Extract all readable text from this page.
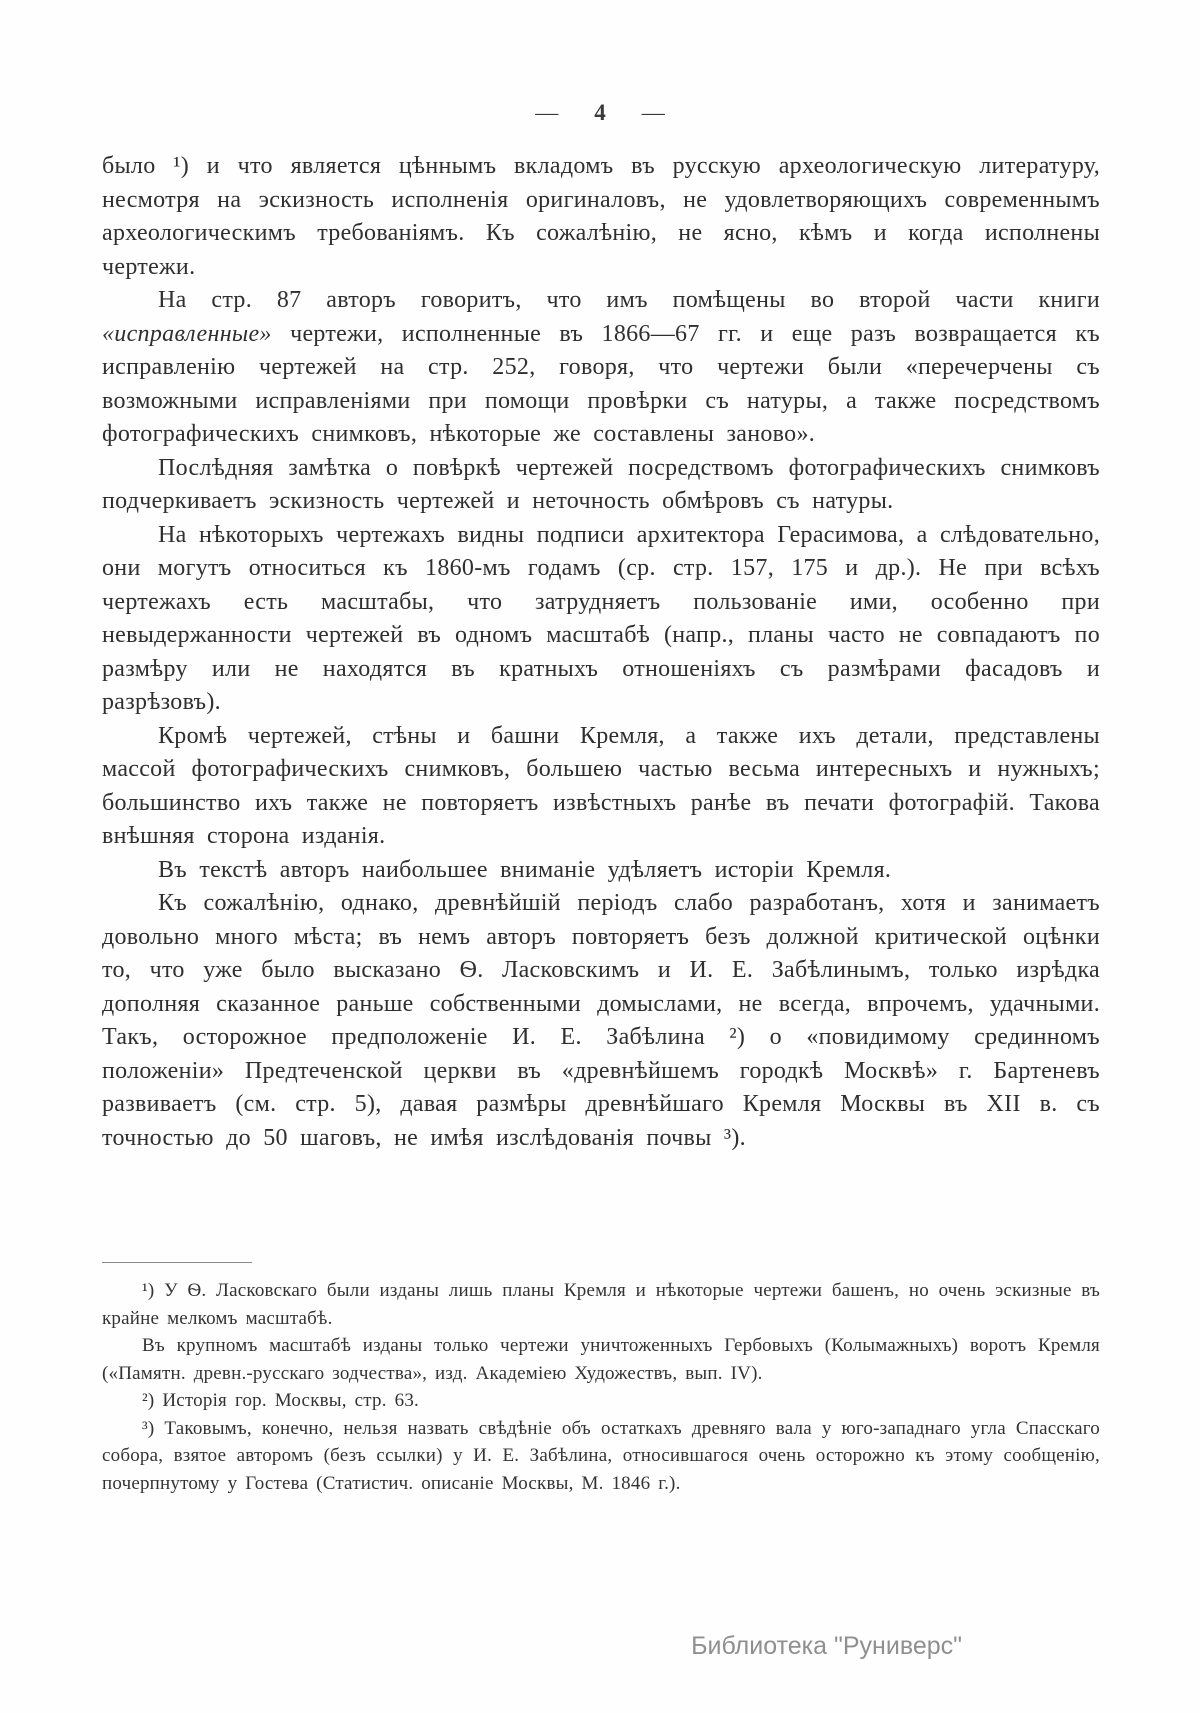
— 4 —

было ¹) и что является цѣннымъ вкладомъ въ русскую археологическую литературу, несмотря на эскизность исполненія оригиналовъ, не удовлетворяющихъ современнымъ археологическимъ требованіямъ. Къ сожалѣнію, не ясно, кѣмъ и когда исполнены чертежи.

На стр. 87 авторъ говоритъ, что имъ помѣщены во второй части книги «исправленные» чертежи, исполненные въ 1866—67 гг. и еще разъ возвращается къ исправленію чертежей на стр. 252, говоря, что чертежи были «перечерчены съ возможными исправленіями при помощи провѣрки съ натуры, а также посредствомъ фотографическихъ снимковъ, нѣкоторые же составлены заново».

Послѣдняя замѣтка о повѣркѣ чертежей посредствомъ фотографическихъ снимковъ подчеркиваетъ эскизность чертежей и неточность обмѣровъ съ натуры.

На нѣкоторыхъ чертежахъ видны подписи архитектора Герасимова, а слѣдовательно, они могутъ относиться къ 1860-мъ годамъ (ср. стр. 157, 175 и др.). Не при всѣхъ чертежахъ есть масштабы, что затрудняетъ пользованіе ими, особенно при невыдержанности чертежей въ одномъ масштабѣ (напр., планы часто не совпадаютъ по размѣру или не находятся въ кратныхъ отношеніяхъ съ размѣрами фасадовъ и разрѣзовъ).

Кромѣ чертежей, стѣны и башни Кремля, а также ихъ детали, представлены массой фотографическихъ снимковъ, большею частью весьма интересныхъ и нужныхъ; большинство ихъ также не повторяетъ извѣстныхъ ранѣе въ печати фотографій. Такова внѣшняя сторона изданія.

Въ текстѣ авторъ наибольшее вниманіе удѣляетъ исторіи Кремля.

Къ сожалѣнію, однако, древнѣйшій періодъ слабо разработанъ, хотя и занимаетъ довольно много мѣста; въ немъ авторъ повторяетъ безъ должной критической оцѣнки то, что уже было высказано Ѳ. Ласковскимъ и И. Е. Забѣлинымъ, только изрѣдка дополняя сказанное раньше собственными домыслами, не всегда, впрочемъ, удачными. Такъ, осторожное предположеніе И. Е. Забѣлина ²) о «повидимому срединномъ положеніи» Предтеченской церкви въ «древнѣйшемъ городкѣ Москвѣ» г. Бартеневъ развиваетъ (см. стр. 5), давая размѣры древнѣйшаго Кремля Москвы въ XII в. съ точностью до 50 шаговъ, не имѣя изслѣдованія почвы ³).

¹) У Ѳ. Ласковскаго были изданы лишь планы Кремля и нѣкоторые чертежи башенъ, но очень эскизные въ крайне мелкомъ масштабѣ.

Въ крупномъ масштабѣ изданы только чертежи уничтоженныхъ Гербовыхъ (Колымажныхъ) воротъ Кремля («Памятн. древн.-русскаго зодчества», изд. Академіею Художествъ, вып. IV).

²) Исторія гор. Москвы, стр. 63.

³) Таковымъ, конечно, нельзя назвать свѣдѣніе объ остаткахъ древняго вала у юго-западнаго угла Спасскаго собора, взятое авторомъ (безъ ссылки) у И. Е. Забѣлина, относившагося очень осторожно къ этому сообщенію, почерпнутому у Гостева (Статистич. описаніе Москвы, М. 1846 г.).

Библиотека "Руниверс"
